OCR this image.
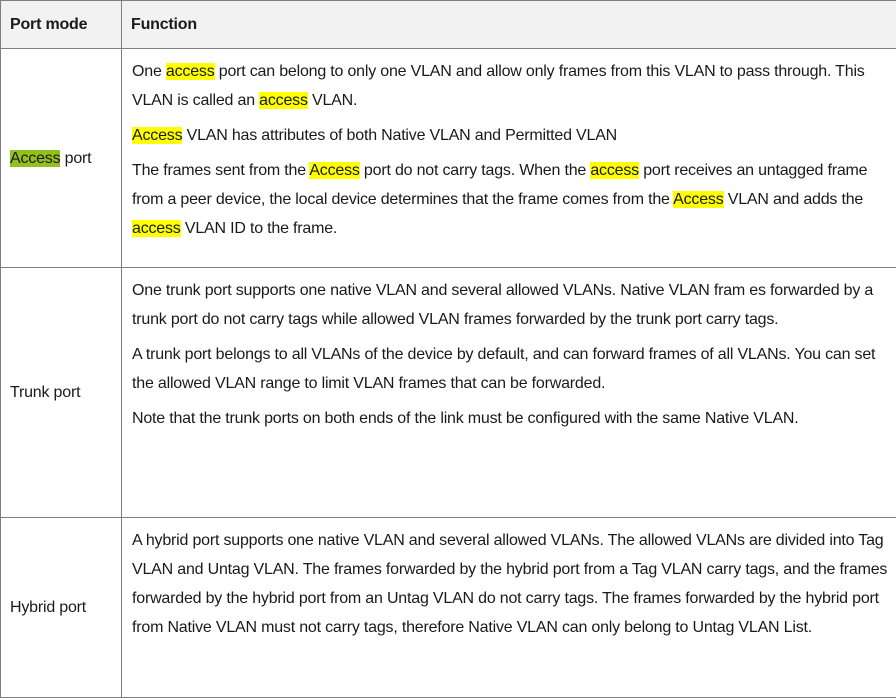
Port mode	Function
Access port	One access port can belong to only one VLAN and allow only frames from this VLAN to pass through. This VLAN is called an access VLAN.

Access VLAN has attributes of both Native VLAN and Permitted VLAN

The frames sent from the Access port do not carry tags. When the access port receives an untagged frame from a peer device, the local device determines that the frame comes from the Access VLAN and adds the access VLAN ID to the frame.

Trunk port	One trunk port supports one native VLAN and several allowed VLANs. Native VLAN fram es forwarded by a trunk port do not carry tags while allowed VLAN frames forwarded by the trunk port carry tags.

A trunk port belongs to all VLANs of the device by default, and can forward frames of all VLANs. You can set the allowed VLAN range to limit VLAN frames that can be forwarded.

Note that the trunk ports on both ends of the link must be configured with the same Native VLAN.

Hybrid port	A hybrid port supports one native VLAN and several allowed VLANs. The allowed VLANs are divided into Tag VLAN and Untag VLAN. The frames forwarded by the hybrid port from a Tag VLAN carry tags, and the frames forwarded by the hybrid port from an Untag VLAN do not carry tags. The frames forwarded by the hybrid port from Native VLAN must not carry tags, therefore Native VLAN can only belong to Untag VLAN List.
